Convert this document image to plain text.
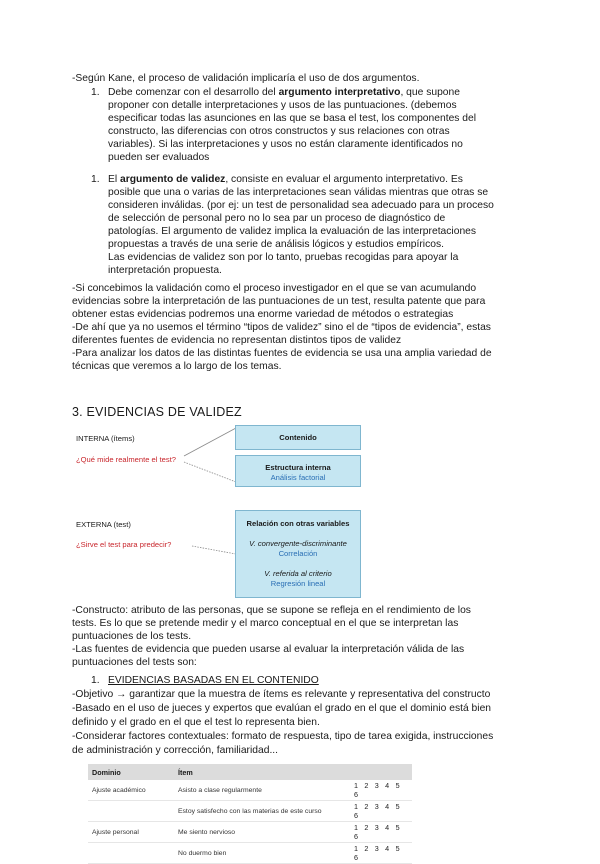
-Según Kane, el proceso de validación implicaría el uso de dos argumentos.
1. Debe comenzar con el desarrollo del argumento interpretativo, que supone
proponer con detalle interpretaciones y usos de las puntuaciones. (debemos
especificar todas las asunciones en las que se basa el test, los componentes del
constructo, las diferencias con otros constructos y sus relaciones con otras
variables). Si las interpretaciones y usos no están claramente identificados no
pueden ser evaluados
1. El argumento de validez, consiste en evaluar el argumento interpretativo. Es
posible que una o varias de las interpretaciones sean válidas mientras que otras se
consideren inválidas. (por ej: un test de personalidad sea adecuado para un proceso
de selección de personal pero no lo sea par un proceso de diagnóstico de
patologías. El argumento de validez implica la evaluación de las interpretaciones
propuestas a través de una serie de análisis lógicos y estudios empíricos.
Las evidencias de validez son por lo tanto, pruebas recogidas para apoyar la
interpretación propuesta.
-Si concebimos la validación como el proceso investigador en el que se van acumulando
evidencias sobre la interpretación de las puntuaciones de un test, resulta patente que para
obtener estas evidencias podremos una enorme variedad de métodos o estrategias
-De ahí que ya no usemos el término “tipos de validez” sino el de “tipos de evidencia”, estas
diferentes fuentes de evidencia no representan distintos tipos de validez
-Para analizar los datos de las distintas fuentes de evidencia se usa una amplia variedad de
técnicas que veremos a lo largo de los temas.
3. EVIDENCIAS DE VALIDEZ
INTERNA (ítems)
¿Qué mide realmente el test?
Contenido
Estructura interna
Análisis factorial
EXTERNA (test)
¿Sirve el test para predecir?
Relación con otras variables
V. convergente-discriminante
Correlación
V. referida al criterio
Regresión lineal
-Constructo: atributo de las personas, que se supone se refleja en el rendimiento de los
tests. Es lo que se pretende medir y el marco conceptual en el que se interpretan las
puntuaciones de los tests.
-Las fuentes de evidencia que pueden usarse al evaluar la interpretación válida de las
puntuaciones del tests son:
1. EVIDENCIAS BASADAS EN EL CONTENIDO
-Objetivo → garantizar que la muestra de ítems es relevante y representativa del constructo
-Basado en el uso de jueces y expertos que evalúan el grado en el que el dominio está bien
definido y el grado en el que el test lo representa bien.
-Considerar factores contextuales: formato de respuesta, tipo de tarea exigida, instrucciones
de administración y corrección, familiaridad...
Dominio	Ítem	
Ajuste académico	Asisto a clase regularmente	1 2 3 4 5 6
	Estoy satisfecho con las materias de este curso	1 2 3 4 5 6
Ajuste personal	Me siento nervioso	1 2 3 4 5 6
	No duermo bien	1 2 3 4 5 6
